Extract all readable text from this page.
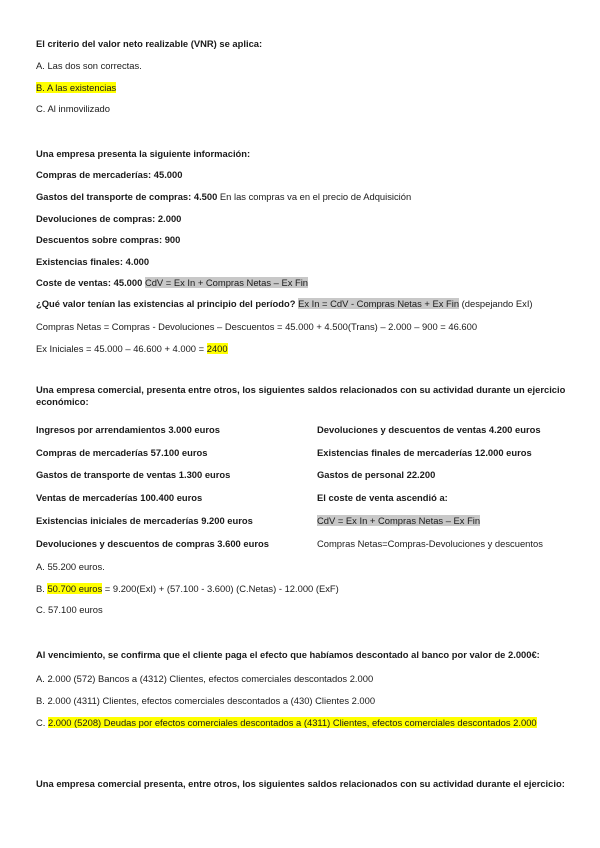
El criterio del valor neto realizable (VNR) se aplica:
A. Las dos son correctas.
B. A las existencias
C. Al inmovilizado
Una empresa presenta la siguiente información:
Compras de mercaderías: 45.000
Gastos del transporte de compras: 4.500 En las compras va en el precio de Adquisición
Devoluciones de compras: 2.000
Descuentos sobre compras: 900
Existencias finales: 4.000
Coste de ventas: 45.000 CdV = Ex In + Compras Netas – Ex Fin
¿Qué valor tenían las existencias al principio del período? Ex In = CdV - Compras Netas + Ex Fin (despejando ExI)
Compras Netas = Compras - Devoluciones – Descuentos = 45.000 + 4.500(Trans) – 2.000 – 900 = 46.600
Ex Iniciales = 45.000 – 46.600 + 4.000 = 2400
Una empresa comercial, presenta entre otros, los siguientes saldos relacionados con su actividad durante un ejercicio económico:
Ingresos por arrendamientos 3.000 euros	Devoluciones y descuentos de ventas 4.200 euros
Compras de mercaderías 57.100 euros	Existencias finales de mercaderías 12.000 euros
Gastos de transporte de ventas 1.300 euros	Gastos de personal 22.200
Ventas de mercaderías 100.400 euros	El coste de venta ascendió a:
Existencias iniciales de mercaderías 9.200 euros	CdV = Ex In + Compras Netas – Ex Fin
Devoluciones y descuentos de compras 3.600 euros	Compras Netas=Compras-Devoluciones y descuentos
A. 55.200 euros.
B. 50.700 euros = 9.200(ExI) + (57.100 - 3.600) (C.Netas) - 12.000 (ExF)
C. 57.100 euros
Al vencimiento, se confirma que el cliente paga el efecto que habíamos descontado al banco por valor de 2.000€:
A. 2.000 (572) Bancos a (4312) Clientes, efectos comerciales descontados 2.000
B. 2.000 (4311) Clientes, efectos comerciales descontados a (430) Clientes 2.000
C. 2.000 (5208) Deudas por efectos comerciales descontados a (4311) Clientes, efectos comerciales descontados 2.000
Una empresa comercial presenta, entre otros, los siguientes saldos relacionados con su actividad durante el ejercicio:
